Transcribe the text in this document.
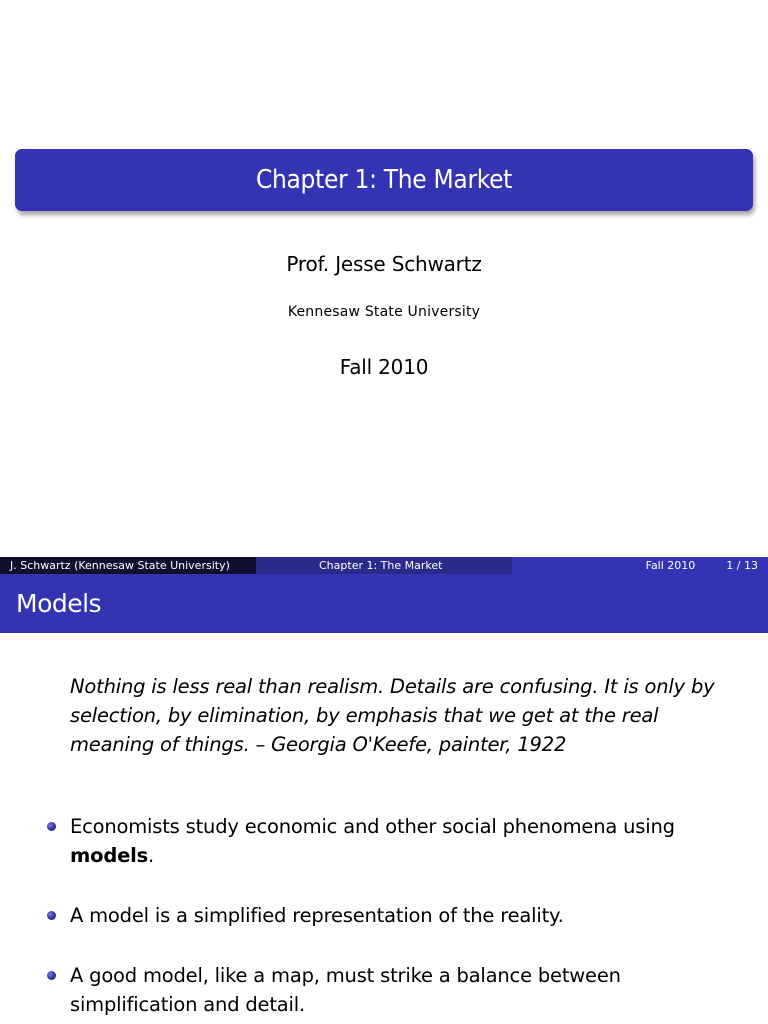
Chapter 1: The Market
Prof. Jesse Schwartz
Kennesaw State University
Fall 2010
J. Schwartz (Kennesaw State University)	Chapter 1: The Market	Fall 2010	1 / 13
Models
Nothing is less real than realism. Details are confusing. It is only by selection, by elimination, by emphasis that we get at the real meaning of things. – Georgia O'Keefe, painter, 1922
Economists study economic and other social phenomena using models.
A model is a simplified representation of the reality.
A good model, like a map, must strike a balance between simplification and detail.
